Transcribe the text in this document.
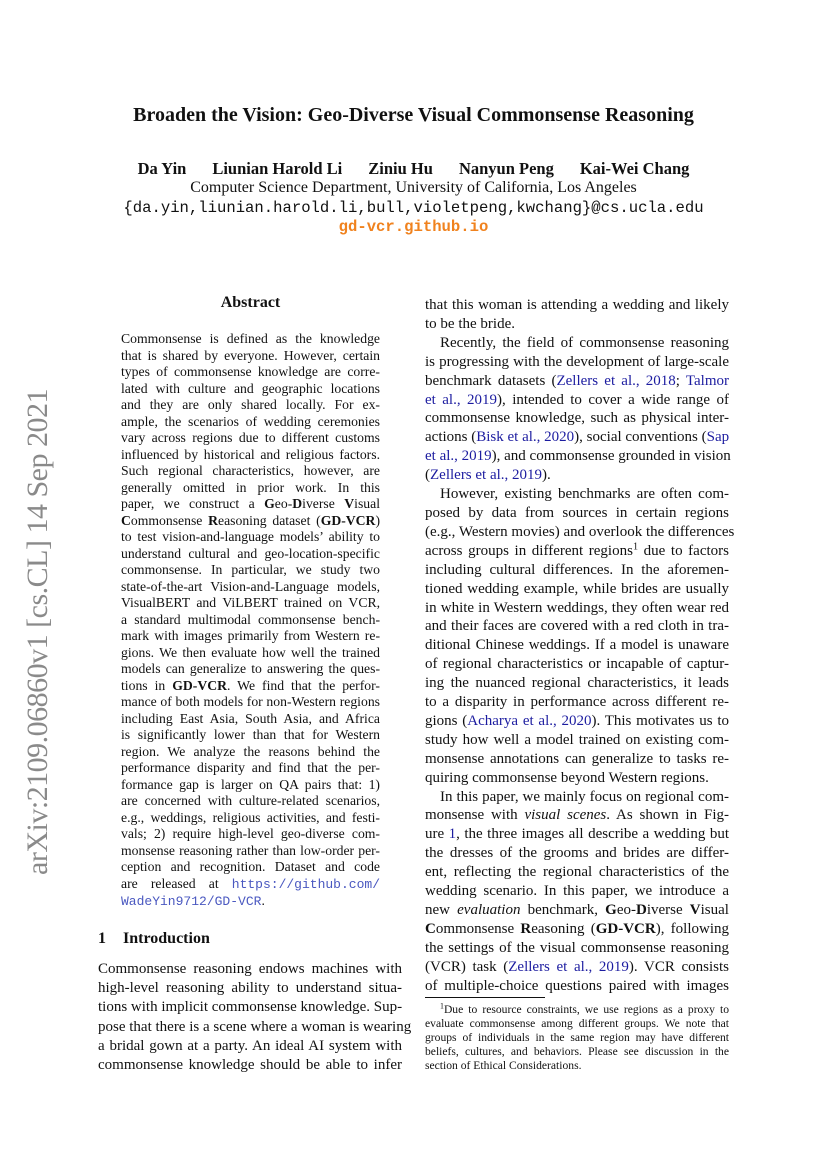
arXiv:2109.06860v1 [cs.CL] 14 Sep 2021
Broaden the Vision: Geo-Diverse Visual Commonsense Reasoning
Da Yin Liunian Harold Li Ziniu Hu Nanyun Peng Kai-Wei Chang
Computer Science Department, University of California, Los Angeles
{da.yin,liunian.harold.li,bull,violetpeng,kwchang}@cs.ucla.edu
gd-vcr.github.io
Abstract
Commonsense is defined as the knowledge
that is shared by everyone. However, certain
types of commonsense knowledge are corre-
lated with culture and geographic locations
and they are only shared locally. For ex-
ample, the scenarios of wedding ceremonies
vary across regions due to different customs
influenced by historical and religious factors.
Such regional characteristics, however, are
generally omitted in prior work. In this
paper, we construct a Geo-Diverse Visual
Commonsense Reasoning dataset (GD-VCR)
to test vision-and-language models’ ability to
understand cultural and geo-location-specific
commonsense. In particular, we study two
state-of-the-art Vision-and-Language models,
VisualBERT and ViLBERT trained on VCR,
a standard multimodal commonsense bench-
mark with images primarily from Western re-
gions. We then evaluate how well the trained
models can generalize to answering the ques-
tions in GD-VCR. We find that the perfor-
mance of both models for non-Western regions
including East Asia, South Asia, and Africa
is significantly lower than that for Western
region. We analyze the reasons behind the
performance disparity and find that the per-
formance gap is larger on QA pairs that: 1)
are concerned with culture-related scenarios,
e.g., weddings, religious activities, and festi-
vals; 2) require high-level geo-diverse com-
monsense reasoning rather than low-order per-
ception and recognition. Dataset and code
are released at https://github.com/
WadeYin9712/GD-VCR.
1 Introduction
Commonsense reasoning endows machines with
high-level reasoning ability to understand situa-
tions with implicit commonsense knowledge. Sup-
pose that there is a scene where a woman is wearing
a bridal gown at a party. An ideal AI system with
commonsense knowledge should be able to infer
that this woman is attending a wedding and likely
to be the bride.
Recently, the field of commonsense reasoning
is progressing with the development of large-scale
benchmark datasets (Zellers et al., 2018; Talmor
et al., 2019), intended to cover a wide range of
commonsense knowledge, such as physical inter-
actions (Bisk et al., 2020), social conventions (Sap
et al., 2019), and commonsense grounded in vision
(Zellers et al., 2019).
However, existing benchmarks are often com-
posed by data from sources in certain regions
(e.g., Western movies) and overlook the differences
across groups in different regions$^1$ due to factors
including cultural differences. In the aforemen-
tioned wedding example, while brides are usually
in white in Western weddings, they often wear red
and their faces are covered with a red cloth in tra-
ditional Chinese weddings. If a model is unaware
of regional characteristics or incapable of captur-
ing the nuanced regional characteristics, it leads
to a disparity in performance across different re-
gions (Acharya et al., 2020). This motivates us to
study how well a model trained on existing com-
monsense annotations can generalize to tasks re-
quiring commonsense beyond Western regions.
In this paper, we mainly focus on regional com-
monsense with visual scenes. As shown in Fig-
ure 1, the three images all describe a wedding but
the dresses of the grooms and brides are differ-
ent, reflecting the regional characteristics of the
wedding scenario. In this paper, we introduce a
new evaluation benchmark, Geo-Diverse Visual
Commonsense Reasoning (GD-VCR), following
the settings of the visual commonsense reasoning
(VCR) task (Zellers et al., 2019). VCR consists
of multiple-choice questions paired with images
$^1$Due to resource constraints, we use regions as a proxy to
evaluate commonsense among different groups. We note that
groups of individuals in the same region may have different
beliefs, cultures, and behaviors. Please see discussion in the
section of Ethical Considerations.
